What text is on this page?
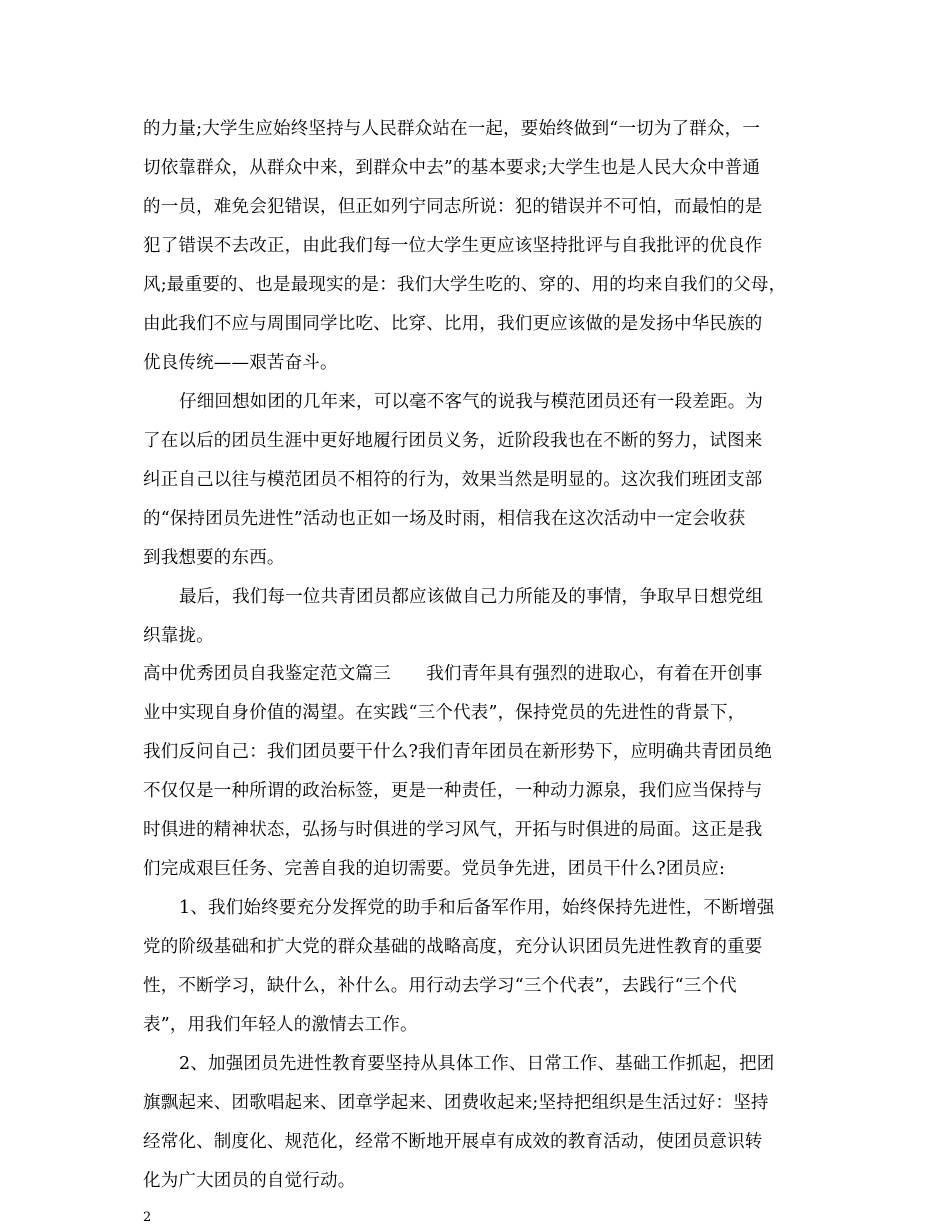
的力量;大学生应始终坚持与人民群众站在一起，要始终做到“一切为了群众，一
切依靠群众，从群众中来，到群众中去”的基本要求;大学生也是人民大众中普通
的一员，难免会犯错误，但正如列宁同志所说：犯的错误并不可怕，而最怕的是
犯了错误不去改正，由此我们每一位大学生更应该坚持批评与自我批评的优良作
风;最重要的、也是最现实的是：我们大学生吃的、穿的、用的均来自我们的父母，
由此我们不应与周围同学比吃、比穿、比用，我们更应该做的是发扬中华民族的
优良传统——艰苦奋斗。
仔细回想如团的几年来，可以毫不客气的说我与模范团员还有一段差距。为
了在以后的团员生涯中更好地履行团员义务，近阶段我也在不断的努力，试图来
纠正自己以往与模范团员不相符的行为，效果当然是明显的。这次我们班团支部
的“保持团员先进性”活动也正如一场及时雨，相信我在这次活动中一定会收获
到我想要的东西。
最后，我们每一位共青团员都应该做自己力所能及的事情，争取早日想党组
织靠拢。
高中优秀团员自我鉴定范文篇三　　我们青年具有强烈的进取心，有着在开创事
业中实现自身价值的渴望。在实践“三个代表”，保持党员的先进性的背景下，
我们反问自己：我们团员要干什么?我们青年团员在新形势下，应明确共青团员绝
不仅仅是一种所谓的政治标签，更是一种责任，一种动力源泉，我们应当保持与
时俱进的精神状态，弘扬与时俱进的学习风气，开拓与时俱进的局面。这正是我
们完成艰巨任务、完善自我的迫切需要。党员争先进，团员干什么?团员应:
1、我们始终要充分发挥党的助手和后备军作用，始终保持先进性，不断增强
党的阶级基础和扩大党的群众基础的战略高度，充分认识团员先进性教育的重要
性，不断学习，缺什么，补什么。用行动去学习“三个代表”，去践行“三个代
表”，用我们年轻人的激情去工作。
2、加强团员先进性教育要坚持从具体工作、日常工作、基础工作抓起，把团
旗飘起来、团歌唱起来、团章学起来、团费收起来;坚持把组织是生活过好：坚持
经常化、制度化、规范化，经常不断地开展卓有成效的教育活动，使团员意识转
化为广大团员的自觉行动。
2
